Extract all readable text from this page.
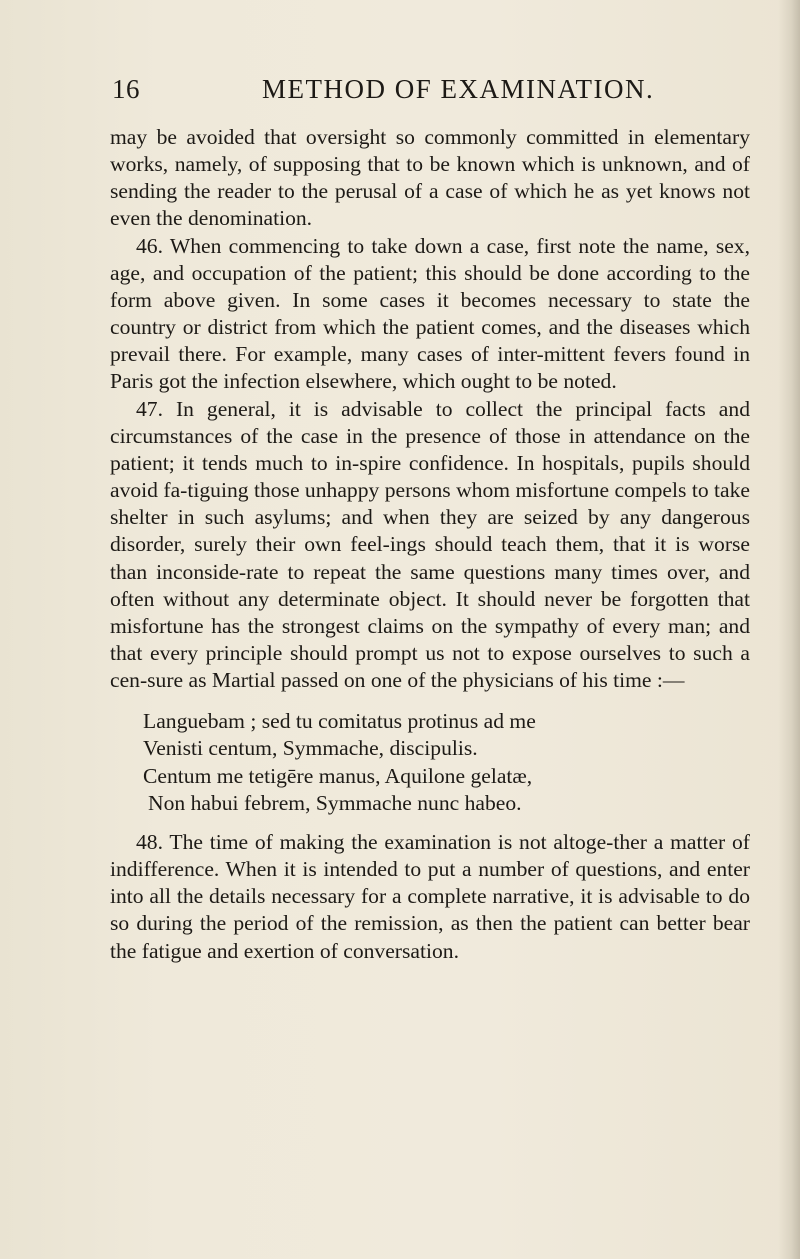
16	METHOD OF EXAMINATION.

may be avoided that oversight so commonly committed in elementary works, namely, of supposing that to be known which is unknown, and of sending the reader to the perusal of a case of which he as yet knows not even the denomination.

46. When commencing to take down a case, first note the name, sex, age, and occupation of the patient; this should be done according to the form above given. In some cases it becomes necessary to state the country or district from which the patient comes, and the diseases which prevail there. For example, many cases of inter-mittent fevers found in Paris got the infection elsewhere, which ought to be noted.

47. In general, it is advisable to collect the principal facts and circumstances of the case in the presence of those in attendance on the patient; it tends much to in-spire confidence. In hospitals, pupils should avoid fa-tiguing those unhappy persons whom misfortune compels to take shelter in such asylums; and when they are seized by any dangerous disorder, surely their own feel-ings should teach them, that it is worse than inconside-rate to repeat the same questions many times over, and often without any determinate object. It should never be forgotten that misfortune has the strongest claims on the sympathy of every man; and that every principle should prompt us not to expose ourselves to such a cen-sure as Martial passed on one of the physicians of his time :—

Languebam ; sed tu comitatus protinus ad me
Venisti centum, Symmache, discipulis.
Centum me tetigēre manus, Aquilone gelatæ,
Non habui febrem, Symmache nunc habeo.

48. The time of making the examination is not altoge-ther a matter of indifference. When it is intended to put a number of questions, and enter into all the details necessary for a complete narrative, it is advisable to do so during the period of the remission, as then the patient can better bear the fatigue and exertion of conversation.
